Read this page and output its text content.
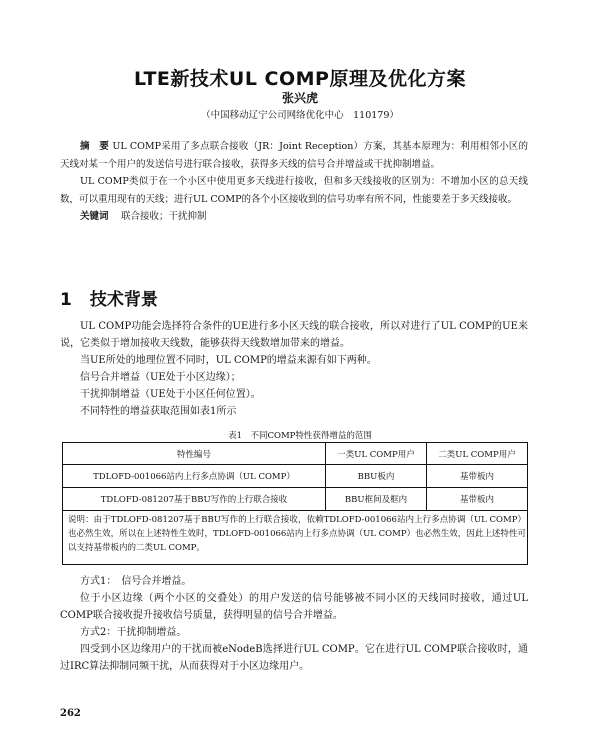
LTE新技术UL COMP原理及优化方案
张兴虎
（中国移动辽宁公司网络优化中心　110179）

摘　要 UL COMP采用了多点联合接收（JR：Joint Reception）方案，其基本原理为：利用相邻小区的天线对某一个用户的发送信号进行联合接收，获得多天线的信号合并增益或干扰抑制增益。

UL COMP类似于在一个小区中使用更多天线进行接收，但和多天线接收的区别为：不增加小区的总天线数，可以重用现有的天线；进行UL COMP的各个小区接收到的信号功率有所不同，性能要差于多天线接收。

关键词　 联合接收；干扰抑制

1 技术背景

UL COMP功能会选择符合条件的UE进行多小区天线的联合接收，所以对进行了UL COMP的UE来说，它类似于增加接收天线数，能够获得天线数增加带来的增益。

当UE所处的地理位置不同时，UL COMP的增益来源有如下两种。

信号合并增益（UE处于小区边缘）；

干扰抑制增益（UE处于小区任何位置）。

不同特性的增益获取范围如表1所示

表1　不同COMP特性获得增益的范围
特性编号	一类UL COMP用户	二类UL COMP用户
TDLOFD-001066站内上行多点协调（UL COMP）	BBU板内	基带板内
TDLOFD-081207基于BBU写作的上行联合接收	BBU框间及框内	基带板内

说明：由于TDLOFD-081207基于BBU写作的上行联合接收，依赖TDLOFD-001066站内上行多点协调（UL COMP）也必然生效，所以在上述特性生效时，TDLOFD-001066站内上行多点协调（UL COMP）也必然生效，因此上述特性可以支持基带板内的二类UL COMP。

方式1：　信号合并增益。

位于小区边缘（两个小区的交叠处）的用户发送的信号能够被不同小区的天线同时接收，通过UL COMP联合接收提升接收信号质量，获得明显的信号合并增益。

方式2：干扰抑制增益。

四受到小区边缘用户的干扰而被eNodeB选择进行UL COMP。它在进行UL COMP联合接收时，通过IRC算法抑制同频干扰，从而获得对于小区边缘用户。

262
